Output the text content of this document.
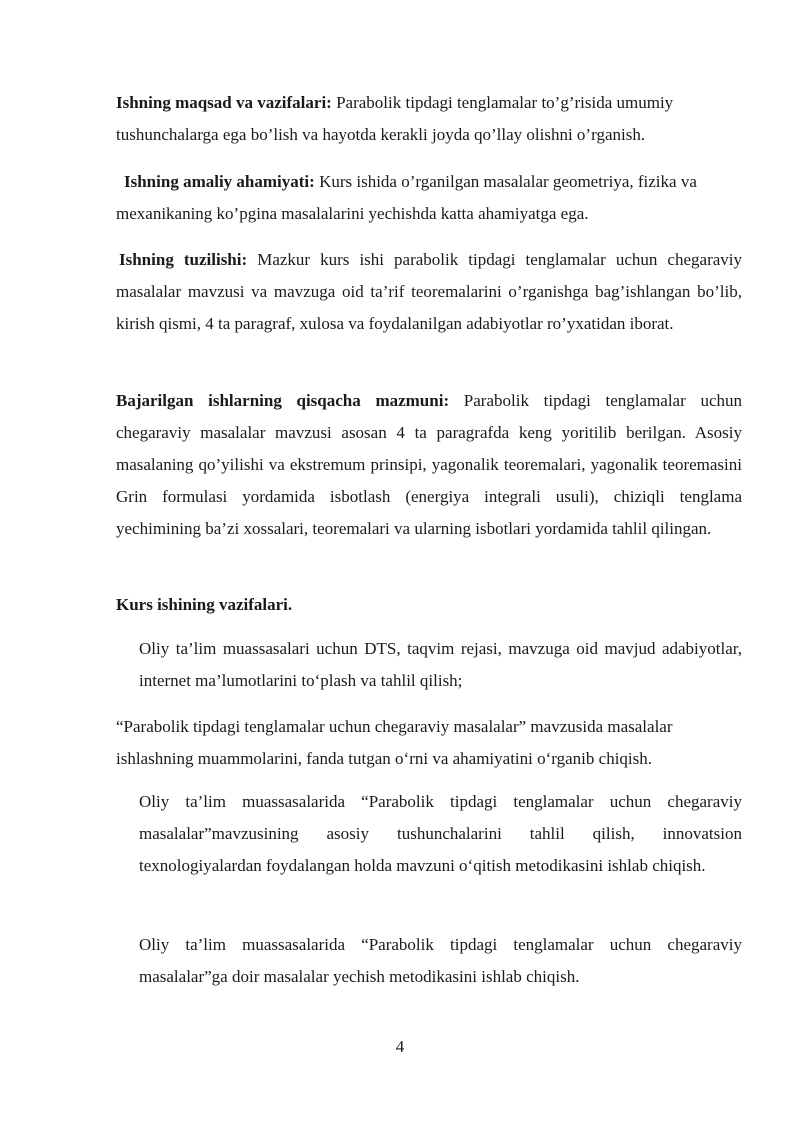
Ishning maqsad va vazifalari: Parabolik tipdagi tenglamalar to’g’risida umumiy tushunchalarga ega bo’lish va hayotda kerakli joyda qo’llay olishni o’rganish.

Ishning amaliy ahamiyati: Kurs ishida o’rganilgan masalalar geometriya, fizika va mexanikaning ko’pgina masalalarini yechishda katta ahamiyatga ega.

Ishning tuzilishi: Mazkur kurs ishi parabolik tipdagi tenglamalar uchun chegaraviy masalalar mavzusi va mavzuga oid ta’rif teoremalarini o’rganishga bag’ishlangan bo’lib, kirish qismi, 4 ta paragraf, xulosa va foydalanilgan adabiyotlar ro’yxatidan iborat.

Bajarilgan ishlarning qisqacha mazmuni: Parabolik tipdagi tenglamalar uchun chegaraviy masalalar mavzusi asosan 4 ta paragrafda keng yoritilib berilgan. Asosiy masalaning qo’yilishi va ekstremum prinsipi, yagonalik teoremalari, yagonalik teoremasini Grin formulasi yordamida isbotlash (energiya integrali usuli), chiziqli tenglama yechimining ba’zi xossalari, teoremalari va ularning isbotlari yordamida tahlil qilingan.

Kurs ishining vazifalari.

Oliy ta’lim muassasalari uchun DTS, taqvim rejasi, mavzuga oid mavjud adabiyotlar, internet ma’lumotlarini to‘plash va tahlil qilish;

“Parabolik tipdagi tenglamalar uchun chegaraviy masalalar” mavzusida masalalar ishlashning muammolarini, fanda tutgan o‘rni va ahamiyatini o‘rganib chiqish.

Oliy ta’lim muassasalarida “Parabolik tipdagi tenglamalar uchun chegaraviy masalalar”mavzusining asosiy tushunchalarini tahlil qilish, innovatsion texnologiyalardan foydalangan holda mavzuni o‘qitish metodikasini ishlab chiqish.

Oliy ta’lim muassasalarida “Parabolik tipdagi tenglamalar uchun chegaraviy masalalar”ga doir masalalar yechish metodikasini ishlab chiqish.

4
